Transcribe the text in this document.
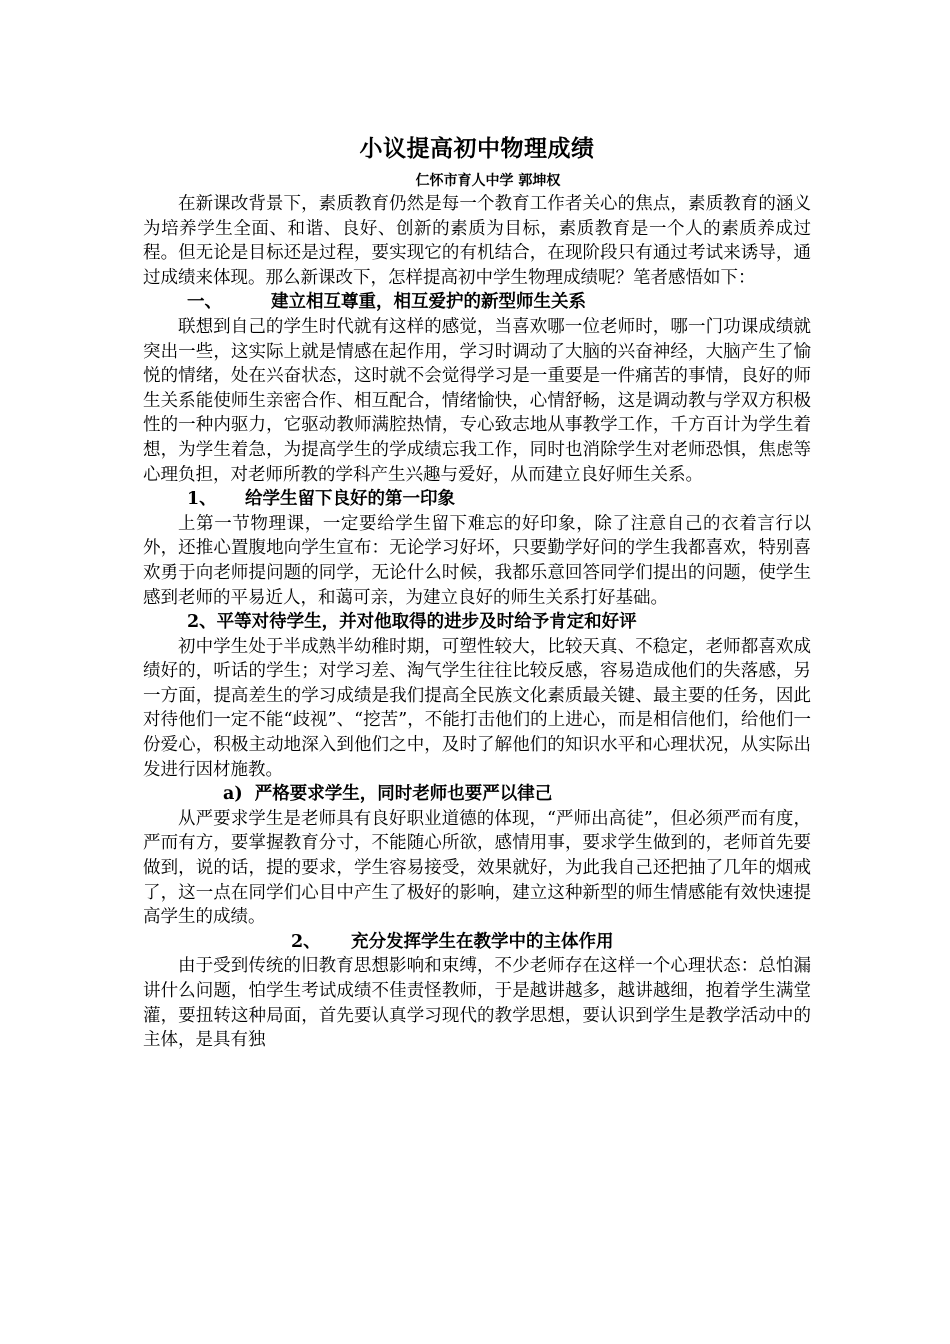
小议提高初中物理成绩

仁怀市育人中学 郭坤权

在新课改背景下，素质教育仍然是每一个教育工作者关心的焦点，素质教育的涵义为培养学生全面、和谐、良好、创新的素质为目标，素质教育是一个人的素质养成过程。但无论是目标还是过程，要实现它的有机结合，在现阶段只有通过考试来诱导，通过成绩来体现。那么新课改下，怎样提高初中学生物理成绩呢？笔者感悟如下：

一、	建立相互尊重，相互爱护的新型师生关系

联想到自己的学生时代就有这样的感觉，当喜欢哪一位老师时，哪一门功课成绩就突出一些，这实际上就是情感在起作用，学习时调动了大脑的兴奋神经，大脑产生了愉悦的情绪，处在兴奋状态，这时就不会觉得学习是一重要是一件痛苦的事情，良好的师生关系能使师生亲密合作、相互配合，情绪愉快，心情舒畅，这是调动教与学双方积极性的一种内驱力，它驱动教师满腔热情，专心致志地从事教学工作，千方百计为学生着想，为学生着急，为提高学生的学成绩忘我工作，同时也消除学生对老师恐惧，焦虑等心理负担，对老师所教的学科产生兴趣与爱好，从而建立良好师生关系。

1、 给学生留下良好的第一印象

上第一节物理课，一定要给学生留下难忘的好印象，除了注意自己的衣着言行以外，还推心置腹地向学生宣布：无论学习好坏，只要勤学好问的学生我都喜欢，特别喜欢勇于向老师提问题的同学，无论什么时候，我都乐意回答同学们提出的问题，使学生感到老师的平易近人，和蔼可亲，为建立良好的师生关系打好基础。

2、平等对待学生，并对他取得的进步及时给予肯定和好评

初中学生处于半成熟半幼稚时期，可塑性较大，比较天真、不稳定，老师都喜欢成绩好的，听话的学生；对学习差、淘气学生往往比较反感，容易造成他们的失落感，另一方面，提高差生的学习成绩是我们提高全民族文化素质最关键、最主要的任务，因此对待他们一定不能“歧视”、“挖苦”，不能打击他们的上进心，而是相信他们，给他们一份爱心，积极主动地深入到他们之中，及时了解他们的知识水平和心理状况，从实际出发进行因材施教。

a)  严格要求学生，同时老师也要严以律己

从严要求学生是老师具有良好职业道德的体现，“严师出高徒”，但必须严而有度，严而有方，要掌握教育分寸，不能随心所欲，感情用事，要求学生做到的，老师首先要做到，说的话，提的要求，学生容易接受，效果就好，为此我自己还把抽了几年的烟戒了，这一点在同学们心目中产生了极好的影响，建立这种新型的师生情感能有效快速提高学生的成绩。

2、 充分发挥学生在教学中的主体作用

由于受到传统的旧教育思想影响和束缚，不少老师存在这样一个心理状态：总怕漏讲什么问题，怕学生考试成绩不佳责怪教师，于是越讲越多，越讲越细，抱着学生满堂灌，要扭转这种局面，首先要认真学习现代的教学思想，要认识到学生是教学活动中的主体，是具有独
